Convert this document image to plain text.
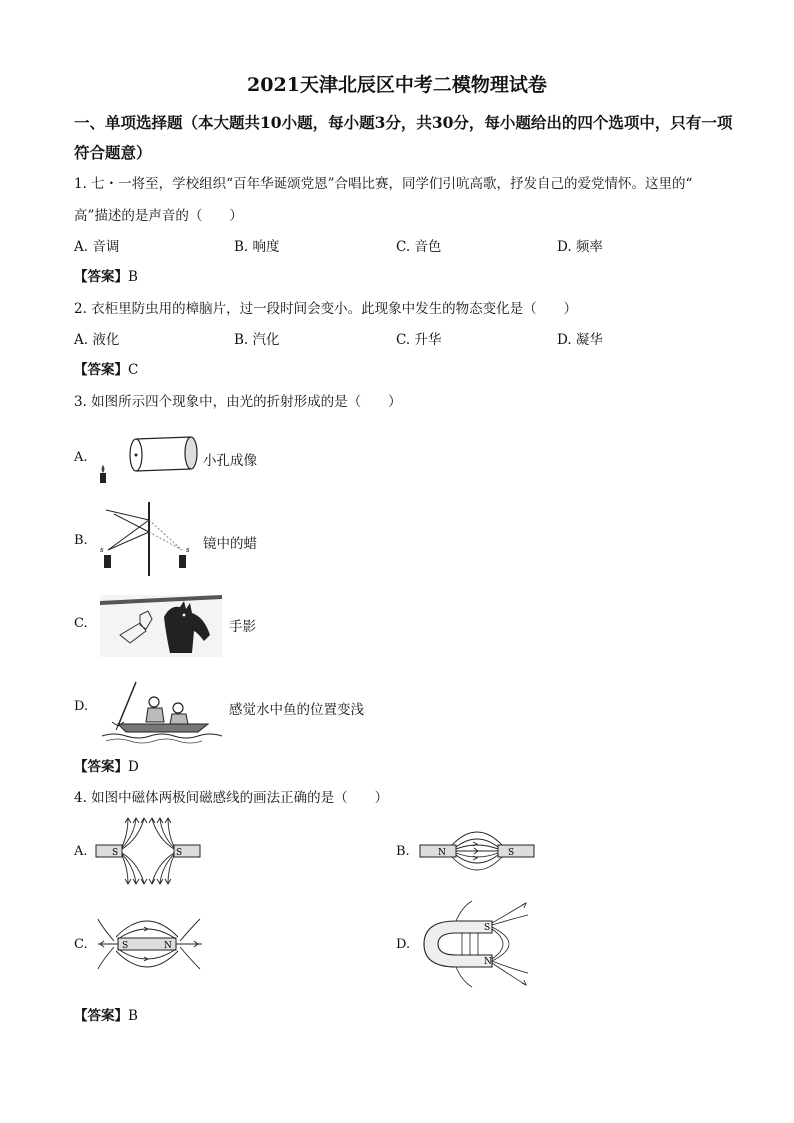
2021天津北辰区中考二模物理试卷
一、单项选择题（本大题共10小题，每小题3分，共30分，每小题给出的四个选项中，只有一项符合题意）
1. 七・一将至，学校组织“百年华诞颂党恩”合唱比赛，同学们引吭高歌，抒发自己的爱党情怀。这里的“
高”描述的是声音的（　　）
A. 音调	B. 响度	C. 音色	D. 频率
【答案】B
2. 衣柜里防虫用的樟脑片，过一段时间会变小。此现象中发生的物态变化是（　　）
A. 液化	B. 汽化	C. 升华	D. 凝华
【答案】C
3. 如图所示四个现象中，由光的折射形成的是（　　）
A.	小孔成像
B.
s	s 镜中的蜡
C.	手影
D.	感觉水中鱼的位置变浅
【答案】D
4. 如图中磁体两极间磁感线的画法正确的是（　　）
A.	S	S	B.	N	S
C.	S	N	D.
S
N
【答案】B
